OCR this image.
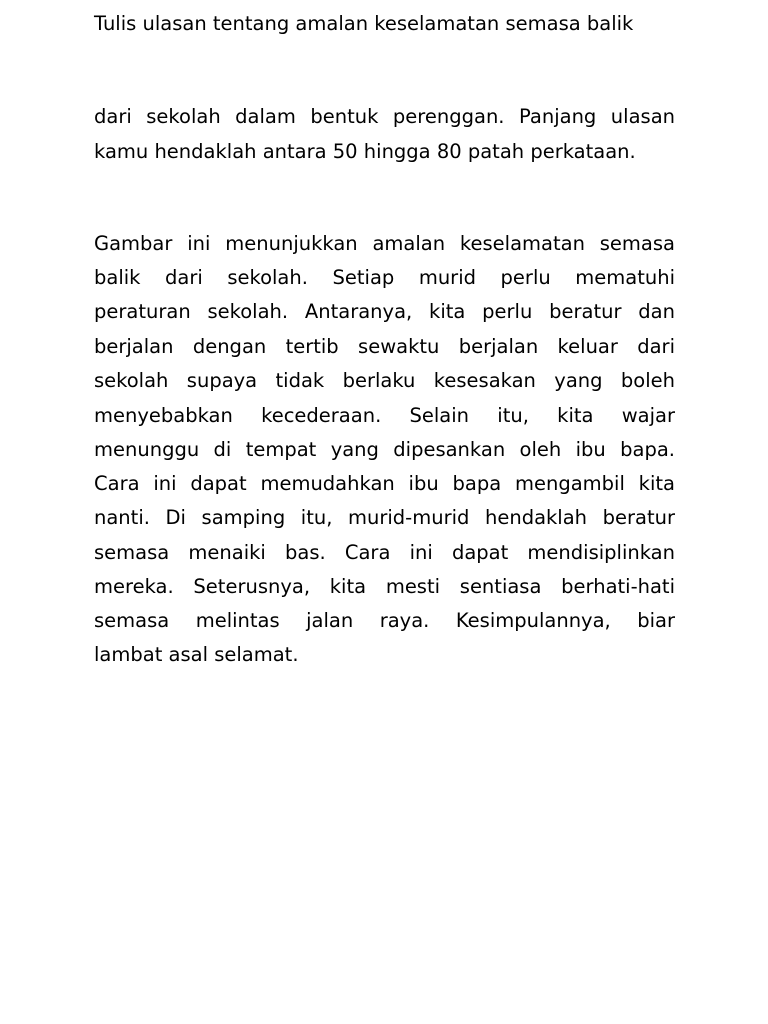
Tulis ulasan tentang amalan keselamatan semasa balik
dari sekolah dalam bentuk perenggan. Panjang ulasan
kamu hendaklah antara 50 hingga 80 patah perkataan.
Gambar ini menunjukkan amalan keselamatan semasa
balik dari sekolah. Setiap murid perlu mematuhi
peraturan sekolah. Antaranya, kita perlu beratur dan
berjalan dengan tertib sewaktu berjalan keluar dari
sekolah supaya tidak berlaku kesesakan yang boleh
menyebabkan kecederaan. Selain itu, kita wajar
menunggu di tempat yang dipesankan oleh ibu bapa.
Cara ini dapat memudahkan ibu bapa mengambil kita
nanti. Di samping itu, murid-murid hendaklah beratur
semasa menaiki bas. Cara ini dapat mendisiplinkan
mereka. Seterusnya, kita mesti sentiasa berhati-hati
semasa melintas jalan raya. Kesimpulannya, biar
lambat asal selamat.
